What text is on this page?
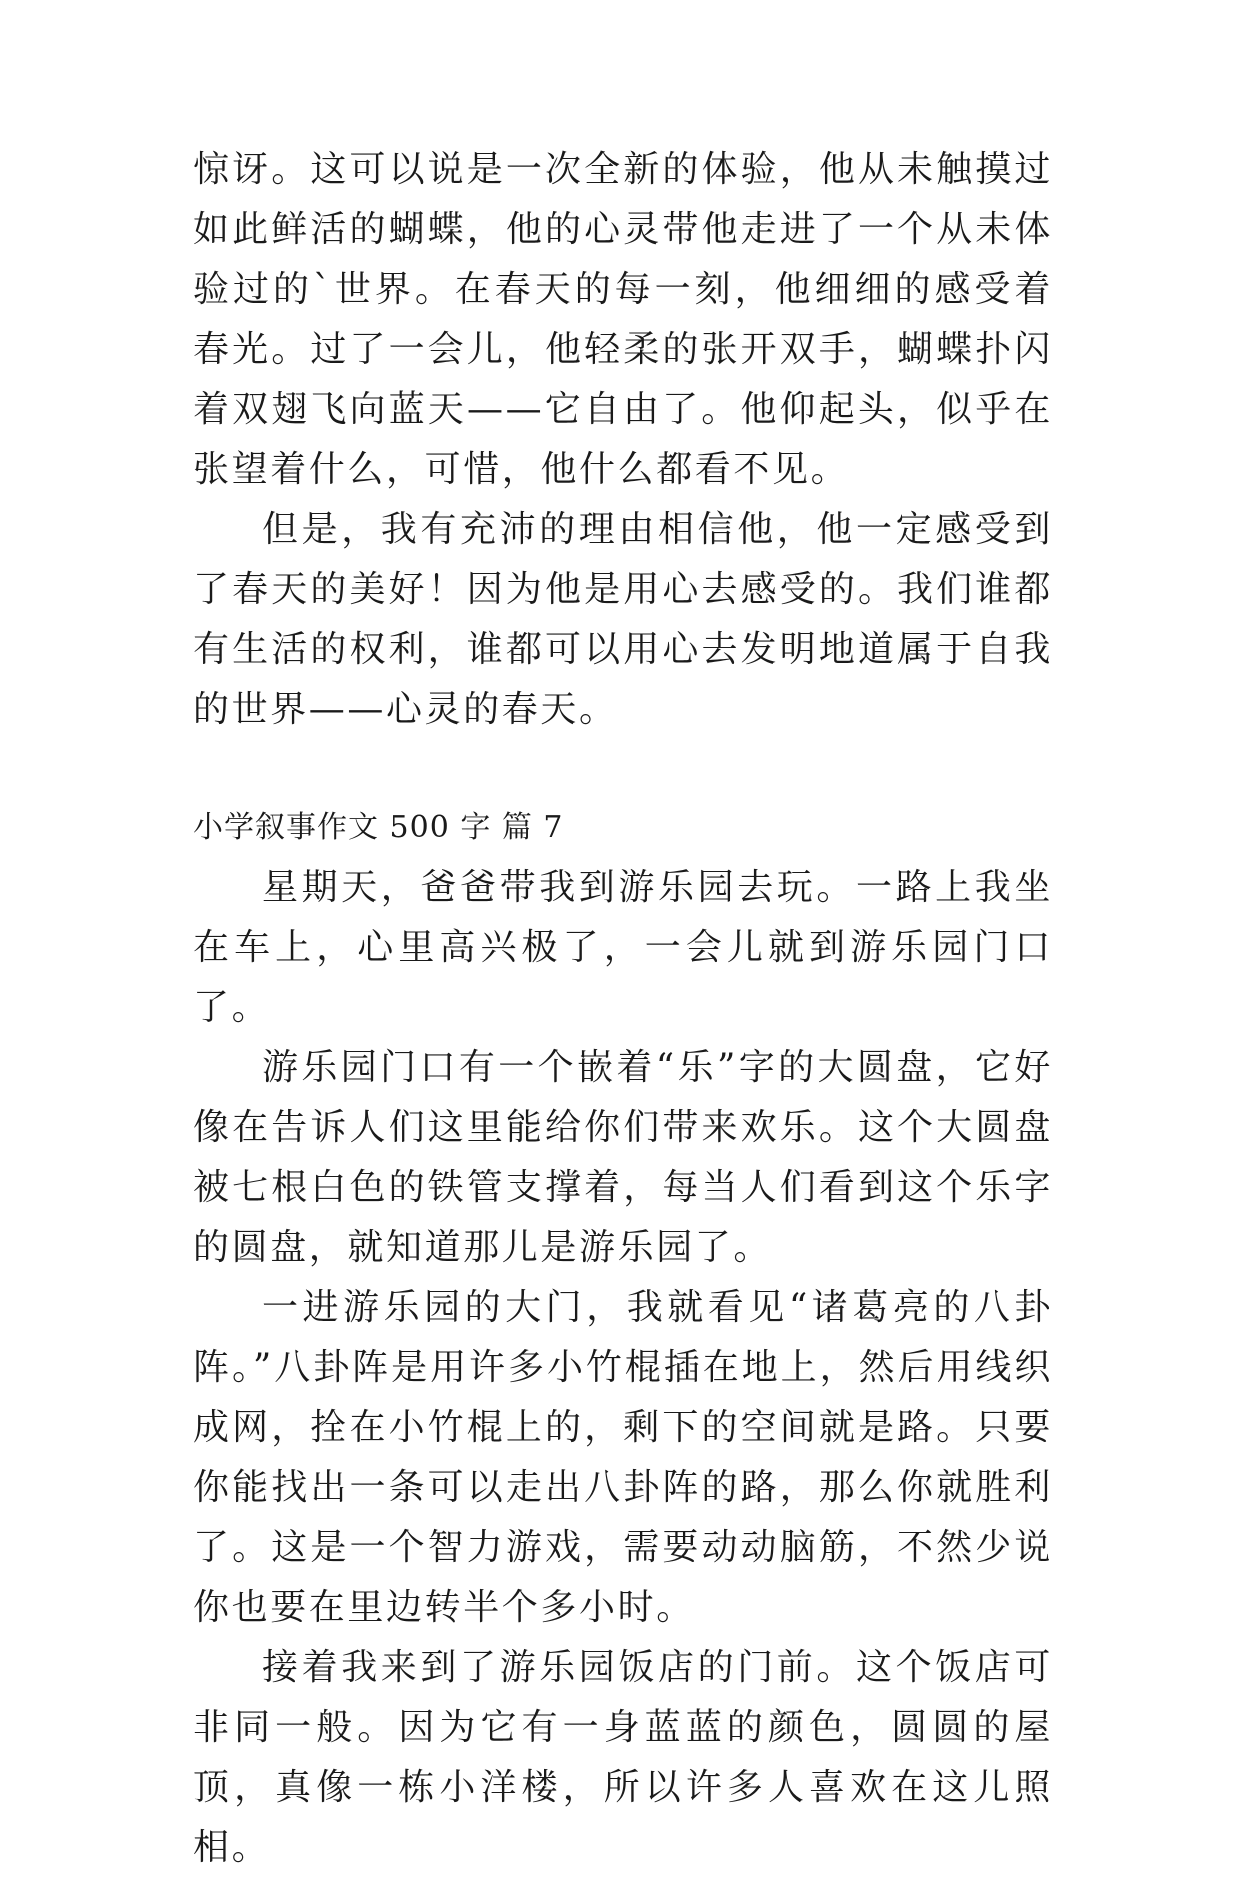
惊讶。这可以说是一次全新的体验，他从未触摸过如此鲜活的蝴蝶，他的心灵带他走进了一个从未体验过的`世界。在春天的每一刻，他细细的感受着春光。过了一会儿，他轻柔的张开双手，蝴蝶扑闪着双翅飞向蓝天——它自由了。他仰起头，似乎在张望着什么，可惜，他什么都看不见。

但是，我有充沛的理由相信他，他一定感受到了春天的美好！因为他是用心去感受的。我们谁都有生活的权利，谁都可以用心去发明地道属于自我的世界——心灵的春天。

小学叙事作文 500 字 篇 7

星期天，爸爸带我到游乐园去玩。一路上我坐在车上，心里高兴极了，一会儿就到游乐园门口了。

游乐园门口有一个嵌着“乐”字的大圆盘，它好像在告诉人们这里能给你们带来欢乐。这个大圆盘被七根白色的铁管支撑着，每当人们看到这个乐字的圆盘，就知道那儿是游乐园了。

一进游乐园的大门，我就看见“诸葛亮的八卦阵。”八卦阵是用许多小竹棍插在地上，然后用线织成网，拴在小竹棍上的，剩下的空间就是路。只要你能找出一条可以走出八卦阵的路，那么你就胜利了。这是一个智力游戏，需要动动脑筋，不然少说你也要在里边转半个多小时。

接着我来到了游乐园饭店的门前。这个饭店可非同一般。因为它有一身蓝蓝的颜色，圆圆的屋顶，真像一栋小洋楼，所以许多人喜欢在这儿照相。
